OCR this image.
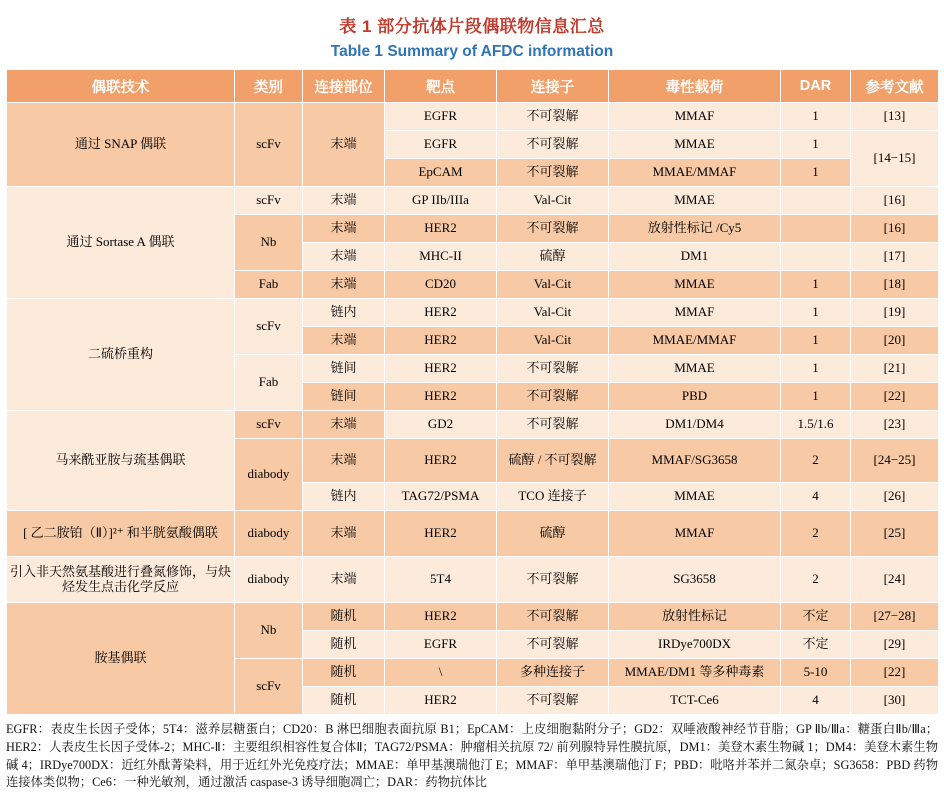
表 1 部分抗体片段偶联物信息汇总
Table 1 Summary of AFDC information
偶联技术	类别	连接部位	靶点	连接子	毒性载荷	DAR	参考文献
通过 SNAP 偶联	scFv	末端	EGFR	不可裂解	MMAF	1	[13]
			EGFR	不可裂解	MMAE	1	[14−15]
			EpCAM	不可裂解	MMAE/MMAF	1	
通过 Sortase A 偶联	scFv	末端	GP IIb/IIIa	Val-Cit	MMAE		[16]
	Nb	末端	HER2	不可裂解	放射性标记 /Cy5		[16]
		末端	MHC-II	硫醇	DM1		[17]
	Fab	末端	CD20	Val-Cit	MMAE	1	[18]
二硫桥重构	scFv	链内	HER2	Val-Cit	MMAF	1	[19]
		末端	HER2	Val-Cit	MMAE/MMAF	1	[20]
	Fab	链间	HER2	不可裂解	MMAE	1	[21]
		链间	HER2	不可裂解	PBD	1	[22]
马来酰亚胺与巯基偶联	scFv	末端	GD2	不可裂解	DM1/DM4	1.5/1.6	[23]
	diabody	末端	HER2	硫醇 / 不可裂解	MMAF/SG3658	2	[24−25]
		链内	TAG72/PSMA	TCO 连接子	MMAE	4	[26]
[ 乙二胺铂（Ⅱ）]²⁺ 和半胱氨酸偶联	diabody	末端	HER2	硫醇	MMAF	2	[25]
引入非天然氨基酸进行叠氮修饰，与炔烃发生点击化学反应	diabody	末端	5T4	不可裂解	SG3658	2	[24]
胺基偶联	Nb	随机	HER2	不可裂解	放射性标记	不定	[27−28]
		随机	EGFR	不可裂解	IRDye700DX	不定	[29]
	scFv	随机	\	多种连接子	MMAE/DM1 等多种毒素	5-10	[22]
		随机	HER2	不可裂解	TCT-Ce6	4	[30]
EGFR：表皮生长因子受体；5T4：滋养层糖蛋白；CD20：B 淋巴细胞表面抗原 B1；EpCAM：上皮细胞黏附分子；GD2：双唾液酸神经节苷脂；GP Ⅱb/Ⅲa：糖蛋白Ⅱb/Ⅲa；HER2：人表皮生长因子受体-2；MHC-Ⅱ：主要组织相容性复合体Ⅱ；TAG72/PSMA：肿瘤相关抗原 72/ 前列腺特异性膜抗原，DM1：美登木素生物碱 1；DM4：美登木素生物碱 4；IRDye700DX：近红外酞菁染料，用于近红外光免疫疗法；MMAE：单甲基澳瑞他汀 E；MMAF：单甲基澳瑞他汀 F；PBD：吡咯并苯并二氮杂卓；SG3658：PBD 药物连接体类似物；Ce6：一种光敏剂，通过激活 caspase-3 诱导细胞凋亡；DAR：药物抗体比
